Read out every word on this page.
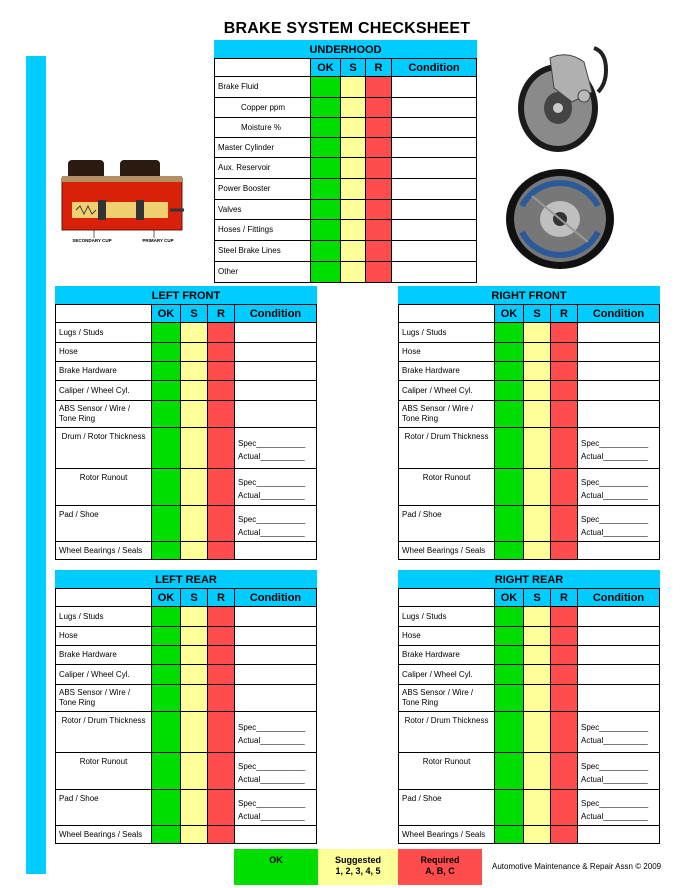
BRAKE SYSTEM CHECKSHEET
UNDERHOOD
	OK	S	R	Condition
Brake Fluid				
Copper ppm				
Moisture %				
Master Cylinder				
Aux. Reservoir				
Power Booster				
Valves				
Hoses / Fittings				
Steel Brake Lines				
Other				
SECONDARY CUP	PRIMARY CUP
LEFT FRONT
	OK	S	R	Condition
Lugs / Studs				
Hose				
Brake Hardware				
Caliper / Wheel Cyl.				
ABS Sensor / Wire / Tone Ring				
Drum / Rotor Thickness				Spec___________
Actual__________

Rotor Runout				Spec___________
Actual__________

Pad / Shoe				Spec___________
Actual__________

Wheel Bearings / Seals				
RIGHT FRONT
	OK	S	R	Condition
Lugs / Studs				
Hose				
Brake Hardware				
Caliper / Wheel Cyl.				
ABS Sensor / Wire / Tone Ring				
Rotor / Drum Thickness				Spec___________
Actual__________

Rotor Runout				Spec___________
Actual__________

Pad / Shoe				Spec___________
Actual__________

Wheel Bearings / Seals				
LEFT REAR
	OK	S	R	Condition
Lugs / Studs				
Hose				
Brake Hardware				
Caliper / Wheel Cyl.				
ABS Sensor / Wire / Tone Ring				
Rotor / Drum Thickness				Spec___________
Actual__________

Rotor Runout				Spec___________
Actual__________

Pad / Shoe				Spec___________
Actual__________

Wheel Bearings / Seals				
RIGHT REAR
	OK	S	R	Condition
Lugs / Studs				
Hose				
Brake Hardware				
Caliper / Wheel Cyl.				
ABS Sensor / Wire / Tone Ring				
Rotor / Drum Thickness				Spec___________
Actual__________

Rotor Runout				Spec___________
Actual__________

Pad / Shoe				Spec___________
Actual__________

Wheel Bearings / Seals				
OK	Suggested
1, 2, 3, 4, 5
Required
A, B, C	Automotive Maintenance & Repair Assn © 2009
